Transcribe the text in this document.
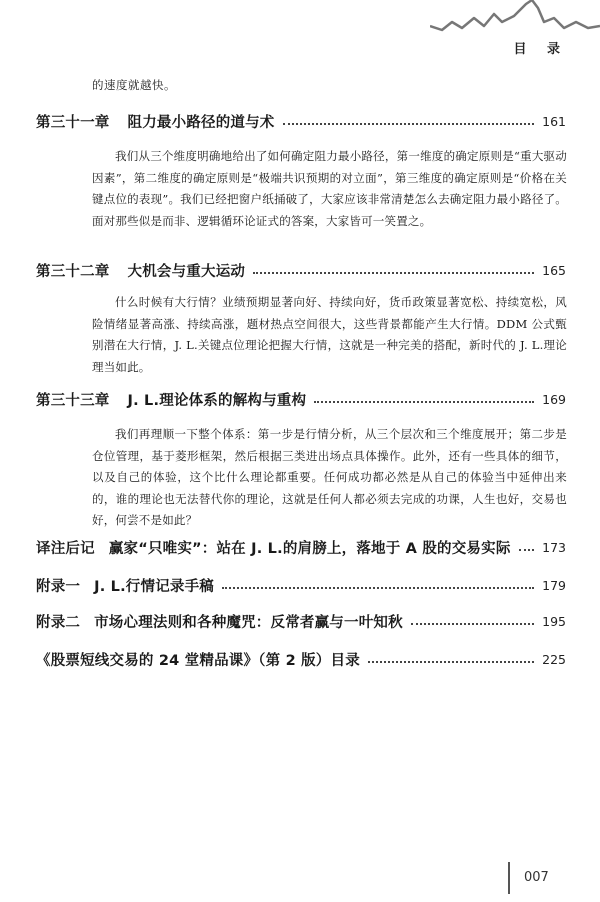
目 录
的速度就越快。
第三十一章 阻力最小路径的道与术	161
我们从三个维度明确地给出了如何确定阻力最小路径，第一维度的确定原则是“重大驱动因素”，第二维度的确定原则是“极端共识预期的对立面”，第三维度的确定原则是“价格在关键点位的表现”。我们已经把窗户纸捅破了，大家应该非常清楚怎么去确定阻力最小路径了。面对那些似是而非、逻辑循环论证式的答案，大家皆可一笑置之。
第三十二章 大机会与重大运动	165
什么时候有大行情？业绩预期显著向好、持续向好，货币政策显著宽松、持续宽松，风险情绪显著高涨、持续高涨，题材热点空间很大，这些背景都能产生大行情。DDM 公式甄别潜在大行情，J. L.关键点位理论把握大行情，这就是一种完美的搭配，新时代的 J. L.理论理当如此。
第三十三章 J. L.理论体系的解构与重构	169
我们再理顺一下整个体系：第一步是行情分析，从三个层次和三个维度展开；第二步是仓位管理，基于菱形框架，然后根据三类进出场点具体操作。此外，还有一些具体的细节，以及自己的体验，这个比什么理论都重要。任何成功都必然是从自己的体验当中延伸出来的，谁的理论也无法替代你的理论，这就是任何人都必须去完成的功课，人生也好，交易也好，何尝不是如此？
译注后记 赢家“只唯实”：站在 J. L.的肩膀上，落地于 A 股的交易实际	173
附录一 J. L.行情记录手稿	179
附录二 市场心理法则和各种魔咒：反常者赢与一叶知秋	195
《股票短线交易的 24 堂精品课》（第 2 版）目录	225
007
